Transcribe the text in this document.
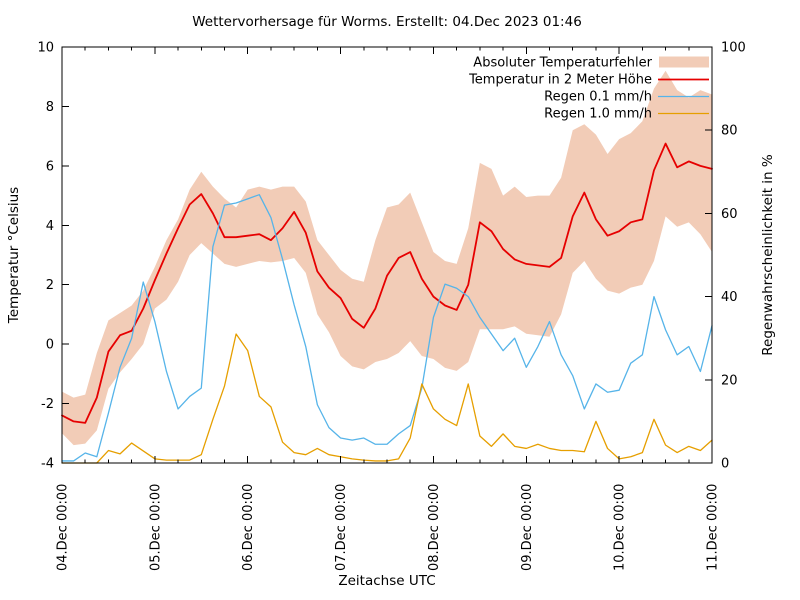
-4
-2
0
2
4
6
8
10
0
20
40
60
80
100
04.Dec 00:00	05.Dec 00:00	06.Dec 00:00	07.Dec 00:00	08.Dec 00:00	09.Dec 00:00	10.Dec 00:00	11.Dec 00:00
Wettervorhersage für Worms. Erstellt: 04.Dec 2023 01:46
Temperatur °Celsius	Regenwahrscheinlichkeit in %
Zeitachse UTC
Absoluter Temperaturfehler
Temperatur in 2 Meter Höhe
Regen 0.1 mm/h
Regen 1.0 mm/h
